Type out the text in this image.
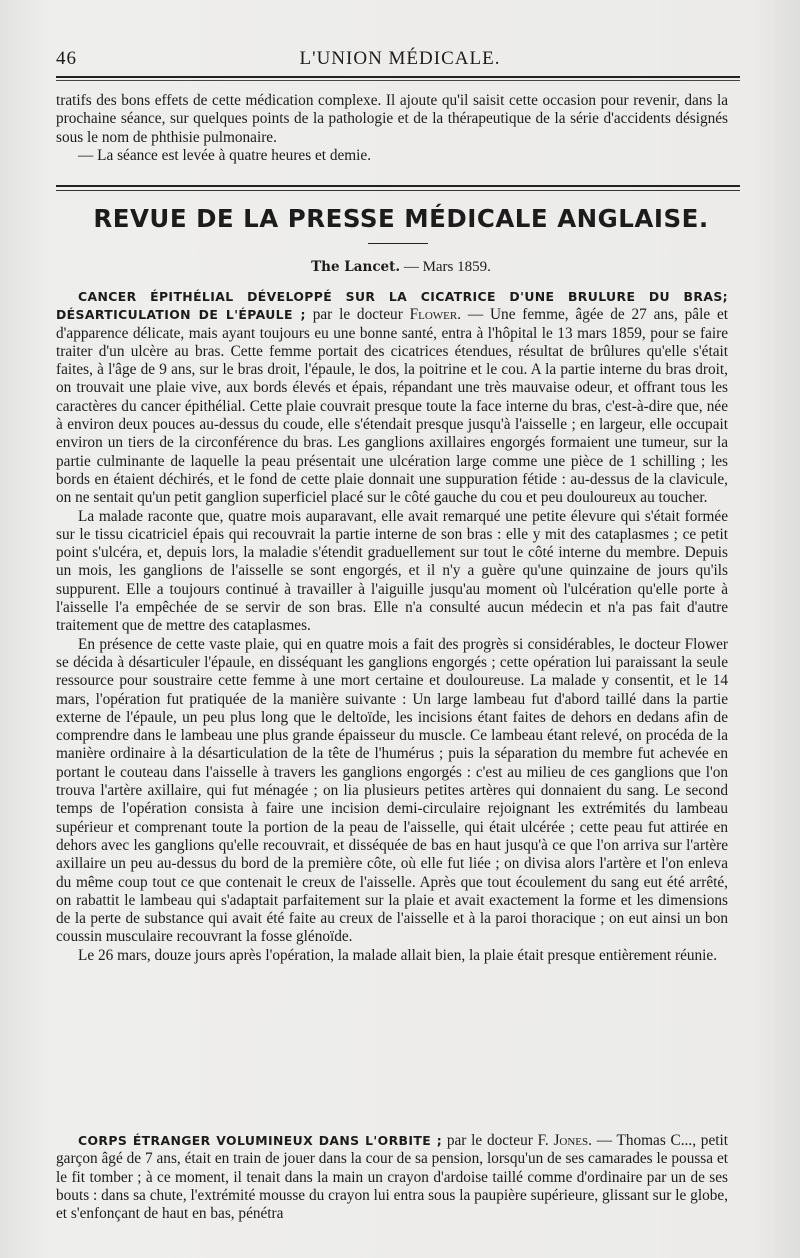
46	L'UNION MÉDICALE.

tratifs des bons effets de cette médication complexe. Il ajoute qu'il saisit cette occasion pour revenir, dans la prochaine séance, sur quelques points de la pathologie et de la thérapeutique de la série d'accidents désignés sous le nom de phthisie pulmonaire.

— La séance est levée à quatre heures et demie.

REVUE DE LA PRESSE MÉDICALE ANGLAISE.
The Lancet. — Mars 1859.

CANCER ÉPITHÉLIAL DÉVELOPPÉ SUR LA CICATRICE D'UNE BRULURE DU BRAS; DÉSARTICULATION DE L'ÉPAULE ; par le docteur Flower. — Une femme, âgée de 27 ans, pâle et d'apparence délicate, mais ayant toujours eu une bonne santé, entra à l'hôpital le 13 mars 1859, pour se faire traiter d'un ulcère au bras. Cette femme portait des cicatrices étendues, résultat de brûlures qu'elle s'était faites, à l'âge de 9 ans, sur le bras droit, l'épaule, le dos, la poitrine et le cou. A la partie interne du bras droit, on trouvait une plaie vive, aux bords élevés et épais, répandant une très mauvaise odeur, et offrant tous les caractères du cancer épithélial. Cette plaie couvrait presque toute la face interne du bras, c'est-à-dire que, née à environ deux pouces au-dessus du coude, elle s'étendait presque jusqu'à l'aisselle ; en largeur, elle occupait environ un tiers de la circonférence du bras. Les ganglions axillaires engorgés formaient une tumeur, sur la partie culminante de laquelle la peau présentait une ulcération large comme une pièce de 1 schilling ; les bords en étaient déchirés, et le fond de cette plaie donnait une suppuration fétide : au-dessus de la clavicule, on ne sentait qu'un petit ganglion superficiel placé sur le côté gauche du cou et peu douloureux au toucher.

La malade raconte que, quatre mois auparavant, elle avait remarqué une petite élevure qui s'était formée sur le tissu cicatriciel épais qui recouvrait la partie interne de son bras : elle y mit des cataplasmes ; ce petit point s'ulcéra, et, depuis lors, la maladie s'étendit graduellement sur tout le côté interne du membre. Depuis un mois, les ganglions de l'aisselle se sont engorgés, et il n'y a guère qu'une quinzaine de jours qu'ils suppurent. Elle a toujours continué à travailler à l'aiguille jusqu'au moment où l'ulcération qu'elle porte à l'aisselle l'a empêchée de se servir de son bras. Elle n'a consulté aucun médecin et n'a pas fait d'autre traitement que de mettre des cataplasmes.

En présence de cette vaste plaie, qui en quatre mois a fait des progrès si considérables, le docteur Flower se décida à désarticuler l'épaule, en disséquant les ganglions engorgés ; cette opération lui paraissant la seule ressource pour soustraire cette femme à une mort certaine et douloureuse. La malade y consentit, et le 14 mars, l'opération fut pratiquée de la manière suivante : Un large lambeau fut d'abord taillé dans la partie externe de l'épaule, un peu plus long que le deltoïde, les incisions étant faites de dehors en dedans afin de comprendre dans le lambeau une plus grande épaisseur du muscle. Ce lambeau étant relevé, on procéda de la manière ordinaire à la désarticulation de la tête de l'humérus ; puis la séparation du membre fut achevée en portant le couteau dans l'aisselle à travers les ganglions engorgés : c'est au milieu de ces ganglions que l'on trouva l'artère axillaire, qui fut ménagée ; on lia plusieurs petites artères qui donnaient du sang. Le second temps de l'opération consista à faire une incision demi-circulaire rejoignant les extrémités du lambeau supérieur et comprenant toute la portion de la peau de l'aisselle, qui était ulcérée ; cette peau fut attirée en dehors avec les ganglions qu'elle recouvrait, et disséquée de bas en haut jusqu'à ce que l'on arriva sur l'artère axillaire un peu au-dessus du bord de la première côte, où elle fut liée ; on divisa alors l'artère et l'on enleva du même coup tout ce que contenait le creux de l'aisselle. Après que tout écoulement du sang eut été arrêté, on rabattit le lambeau qui s'adaptait parfaitement sur la plaie et avait exactement la forme et les dimensions de la perte de substance qui avait été faite au creux de l'aisselle et à la paroi thoracique ; on eut ainsi un bon coussin musculaire recouvrant la fosse glénoïde.

Le 26 mars, douze jours après l'opération, la malade allait bien, la plaie était presque entièrement réunie.

CORPS ÉTRANGER VOLUMINEUX DANS L'ORBITE ; par le docteur F. Jones. — Thomas C..., petit garçon âgé de 7 ans, était en train de jouer dans la cour de sa pension, lorsqu'un de ses camarades le poussa et le fit tomber ; à ce moment, il tenait dans la main un crayon d'ardoise taillé comme d'ordinaire par un de ses bouts : dans sa chute, l'extrémité mousse du crayon lui entra sous la paupière supérieure, glissant sur le globe, et s'enfonçant de haut en bas, pénétra
